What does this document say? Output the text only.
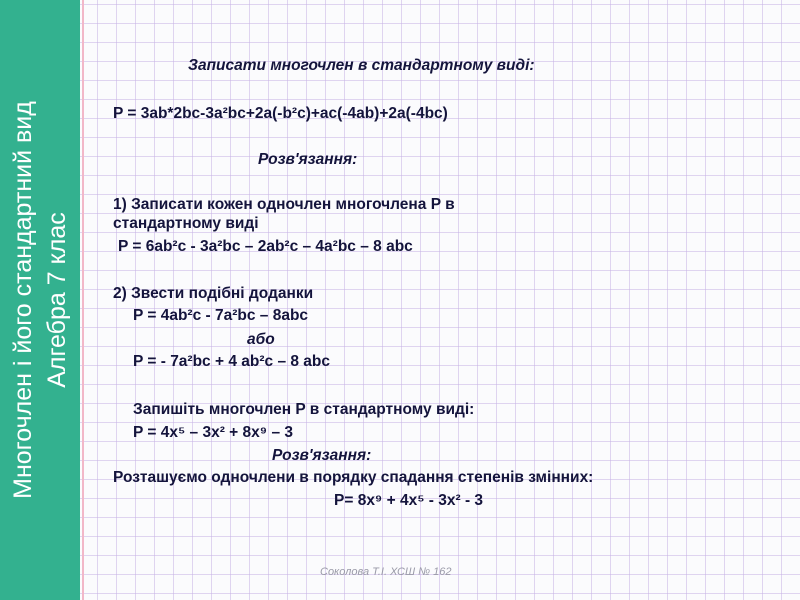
Многочлен і його стандартний вид Алгебра 7 клас
Записати многочлен в стандартному виді:
P = 3ab*2bc-3a²bc+2a(-b²c)+ac(-4ab)+2a(-4bc)
Розв'язання:
1) Записати кожен одночлен многочлена P в
стандартному виді
P = 6ab²c - 3a²bc – 2ab²c – 4a²bc – 8 abc
2) Звести подібні доданки
P = 4ab²c - 7a²bc – 8abc
або
P = - 7a²bc + 4 ab²c – 8 abc
Запишіть многочлен P в стандартному виді:
P = 4x⁵ – 3x² + 8x⁹ – 3
Розв'язання:
Розташуємо одночлени в порядку спадання степенів змінних:
P= 8x⁹ + 4x⁵ - 3x² - 3
Соколова Т.І. ХСШ № 162
